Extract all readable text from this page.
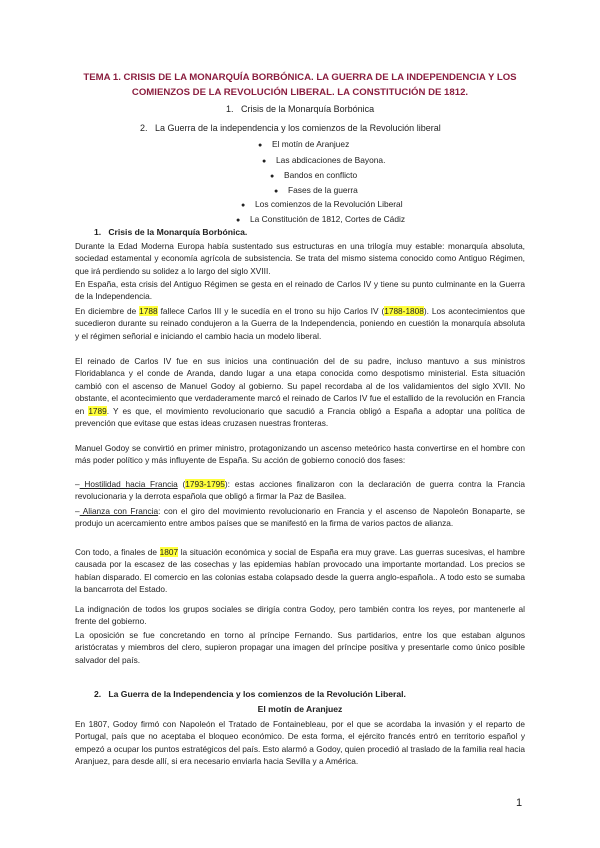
TEMA 1. CRISIS DE LA MONARQUÍA BORBÓNICA. LA GUERRA DE LA INDEPENDENCIA Y LOS COMIENZOS DE LA REVOLUCIÓN LIBERAL. LA CONSTITUCIÓN DE 1812.
1. Crisis de la Monarquía Borbónica
2. La Guerra de la independencia y los comienzos de la Revolución liberal
● El motín de Aranjuez
● Las abdicaciones de Bayona.
● Bandos en conflicto
● Fases de la guerra
● Los comienzos de la Revolución Liberal
● La Constitución de 1812, Cortes de Cádiz
1. Crisis de la Monarquía Borbónica.
Durante la Edad Moderna Europa había sustentado sus estructuras en una trilogía muy estable: monarquía absoluta, sociedad estamental y economía agrícola de subsistencia. Se trata del mismo sistema conocido como Antiguo Régimen, que irá perdiendo su solidez a lo largo del siglo XVIII.
En España, esta crisis del Antiguo Régimen se gesta en el reinado de Carlos IV y tiene su punto culminante en la Guerra de la Independencia.
En diciembre de 1788 fallece Carlos III y le sucedía en el trono su hijo Carlos IV (1788-1808). Los acontecimientos que sucedieron durante su reinado condujeron a la Guerra de la Independencia, poniendo en cuestión la monarquía absoluta y el régimen señorial e iniciando el cambio hacia un modelo liberal.
El reinado de Carlos IV fue en sus inicios una continuación del de su padre, incluso mantuvo a sus ministros Floridablanca y el conde de Aranda, dando lugar a una etapa conocida como despotismo ministerial. Esta situación cambió con el ascenso de Manuel Godoy al gobierno. Su papel recordaba al de los validamientos del siglo XVII. No obstante, el acontecimiento que verdaderamente marcó el reinado de Carlos IV fue el estallido de la revolución en Francia en 1789. Y es que, el movimiento revolucionario que sacudió a Francia obligó a España a adoptar una política de prevención que evitase que estas ideas cruzasen nuestras fronteras.
Manuel Godoy se convirtió en primer ministro, protagonizando un ascenso meteórico hasta convertirse en el hombre con más poder político y más influyente de España. Su acción de gobierno conoció dos fases:
– Hostilidad hacia Francia (1793-1795): estas acciones finalizaron con la declaración de guerra contra la Francia revolucionaria y la derrota española que obligó a firmar la Paz de Basilea.
– Alianza con Francia: con el giro del movimiento revolucionario en Francia y el ascenso de Napoleón Bonaparte, se produjo un acercamiento entre ambos países que se manifestó en la firma de varios pactos de alianza.
Con todo, a finales de 1807 la situación económica y social de España era muy grave. Las guerras sucesivas, el hambre causada por la escasez de las cosechas y las epidemias habían provocado una importante mortandad. Los precios se habían disparado. El comercio en las colonias estaba colapsado desde la guerra anglo-española.. A todo esto se sumaba la bancarrota del Estado.
La indignación de todos los grupos sociales se dirigía contra Godoy, pero también contra los reyes, por mantenerle al frente del gobierno.
La oposición se fue concretando en torno al príncipe Fernando. Sus partidarios, entre los que estaban algunos aristócratas y miembros del clero, supieron propagar una imagen del príncipe positiva y presentarle como único posible salvador del país.
2. La Guerra de la Independencia y los comienzos de la Revolución Liberal.
El motín de Aranjuez
En 1807, Godoy firmó con Napoleón el Tratado de Fontainebleau, por el que se acordaba la invasión y el reparto de Portugal, país que no aceptaba el bloqueo económico. De esta forma, el ejército francés entró en territorio español y empezó a ocupar los puntos estratégicos del país. Esto alarmó a Godoy, quien procedió al traslado de la familia real hacia Aranjuez, para desde allí, si era necesario enviarla hacia Sevilla y a América.
1
